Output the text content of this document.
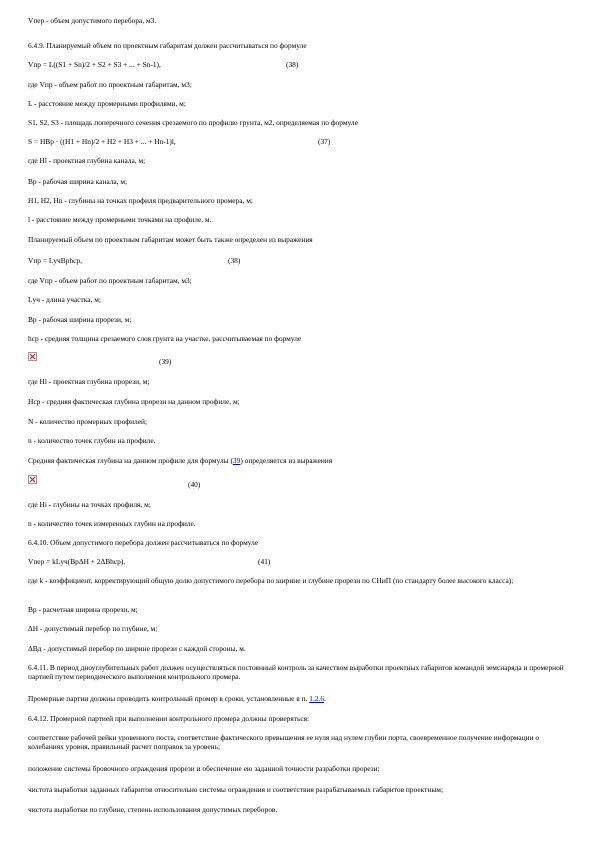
Vпер - объем допустимого перебора, м3.
6.4.9. Планируемый объем по проектным габаритам должен рассчитываться по формуле
Vпр = L((S1 + Sn)/2 + S2 + S3 + ... + Sn-1),	(38)
где Vпр - объем работ по проектным габаритам, м3;
L - расстояние между промерными профилями, м;
S1, S2, S3 - площадь поперечного сечения срезаемого по профилю грунта, м2, определяемая по формуле
S = HBp · ((H1 + Hn)/2 + H2 + H3 + ... + Hn-1)l,	(37)
где Hl - проектная глубина канала, м;
Bp - рабочая ширина канала, м;
H1, H2, Hn - глубины на точках профиля предварительного промера, м;
l - расстояние между промерными точками на профиле, м.
Планируемый объем по проектным габаритам может быть также определен из выражения
Vпр = LучBphср,	(38)
где Vпр - объем работ по проектным габаритам, м3;
Lуч - длина участка, м;
Bp - рабочая ширина прорези, м;
hср - средняя толщина срезаемого слоя грунта на участке, рассчитываемая по формуле
(39)
где Hl - проектная глубина прорези, м;
Hсp - средняя фактическая глубина прорези на данном профиле, м;
N - количество промерных профилей;
n - количество точек глубин на профиле.
Средняя фактическая глубина на данном профиле для формулы (39) определяется из выражения
(40)
где Hi - глубины на точках профиля, м;
n - количество точек измеренных глубин на профиле.
6.4.10. Объем допустимого перебора должен рассчитываться по формуле
Vпер = kLуч(BpΔH + 2ΔBhср),	(41)
где k - коэффициент, корректирующий общую долю допустимого перебора по ширине и глубине прорези по СНиП (по стандарту более высокого класса);
Bp - расчетная ширина прорези, м;
ΔH - допустимый перебор по глубине, м;
ΔBд - допустимый перебор по ширине прорези с каждой стороны, м.
6.4.11. В период дноуглубительных работ должен осуществляться постоянный контроль за качеством выработки проектных габаритов командой земснаряда и промерной партией путем периодического выполнения контрольного промера.
Промерные партии должны проводить контрольный промер в сроки, установленные в п. 1.2.6.
6.4.12. Промерной партией при выполнении контрольного промера должны проверяться:
соответствие рабочей рейки уровенного поста, соответствие фактического превышения ее нуля над нулем глубин порта, своевременное получение информации о колебаниях уровня, правильный расчет поправок за уровень;
положение системы бровочного ограждения прорези и обеспечение ею заданной точности разработки прорези;
чистота выработки заданных габаритов относительно системы ограждения и соответствия разрабатываемых габаритов проектным;
чистота выработки по глубине, степень использования допустимых переборов.
